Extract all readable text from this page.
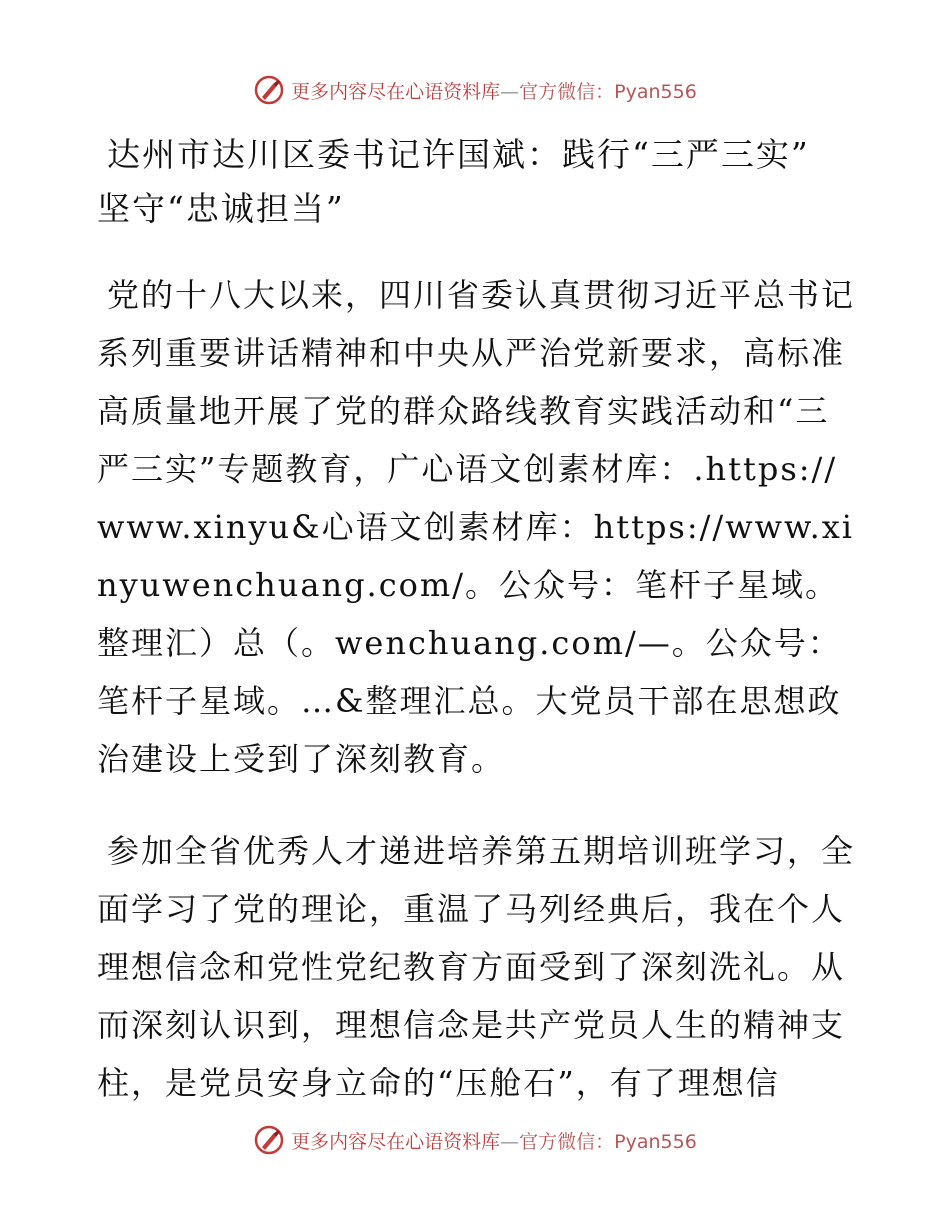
更多内容尽在心语资料库—官方微信：Pyan556
达州市达川区委书记许国斌：践行“三严三实”
坚守“忠诚担当”

党的十八大以来，四川省委认真贯彻习近平总书记系列重要讲话精神和中央从严治党新要求，高标准高质量地开展了党的群众路线教育实践活动和“三严三实”专题教育，广心语文创素材库：.https://www.xinyu&心语文创素材库：https://www.xinyuwenchuang.com/。公众号：笔杆子星域。整理汇）总（。wenchuang.com/—。公众号：笔杆子星域。…&整理汇总。大党员干部在思想政治建设上受到了深刻教育。

参加全省优秀人才递进培养第五期培训班学习，全面学习了党的理论，重温了马列经典后，我在个人理想信念和党性党纪教育方面受到了深刻洗礼。从而深刻认识到，理想信念是共产党员人生的精神支柱，是党员安身立命的“压舱石”，有了理想信

更多内容尽在心语资料库—官方微信：Pyan556
